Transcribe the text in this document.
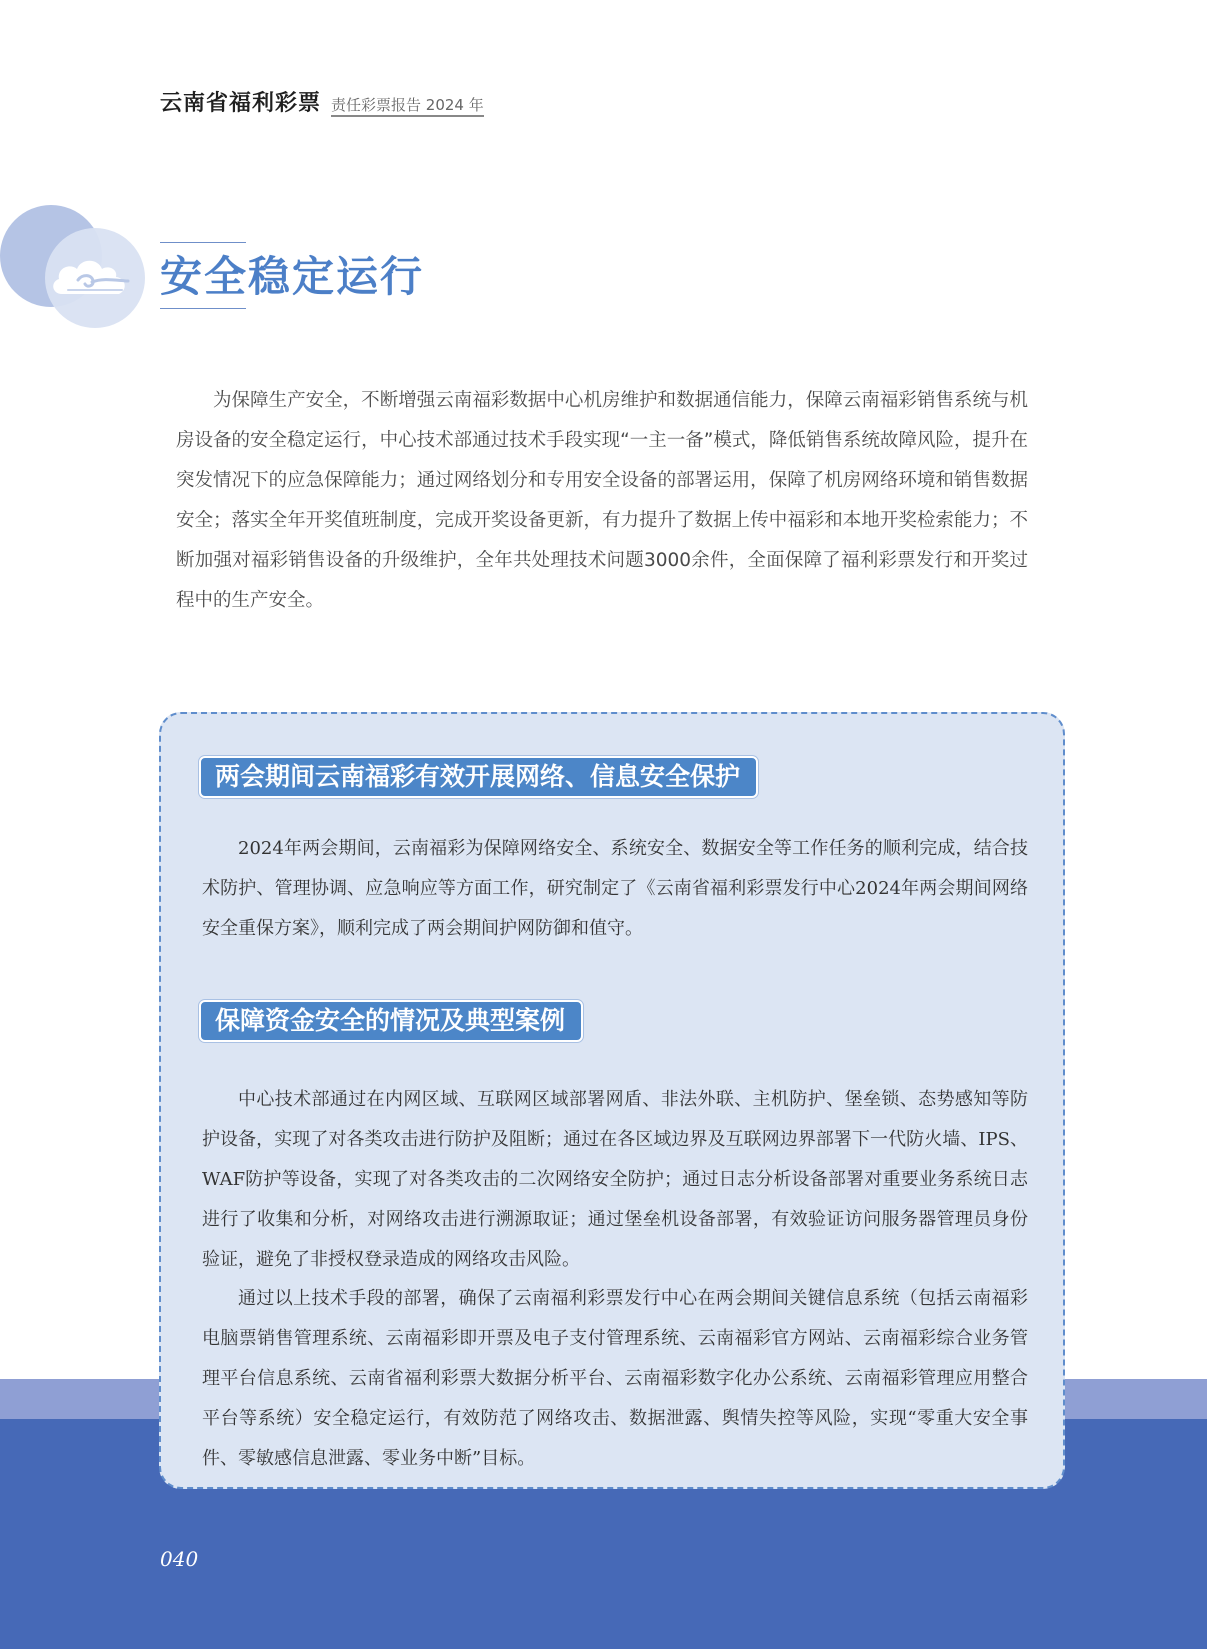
云南省福利彩票 责任彩票报告 2024 年
安全稳定运行

为保障生产安全，不断增强云南福彩数据中心机房维护和数据通信能力，保障云南福彩销售系统与机房设备的安全稳定运行，中心技术部通过技术手段实现“一主一备”模式，降低销售系统故障风险，提升在突发情况下的应急保障能力；通过网络划分和专用安全设备的部署运用，保障了机房网络环境和销售数据安全；落实全年开奖值班制度，完成开奖设备更新，有力提升了数据上传中福彩和本地开奖检索能力；不断加强对福彩销售设备的升级维护，全年共处理技术问题3000余件，全面保障了福利彩票发行和开奖过程中的生产安全。

两会期间云南福彩有效开展网络、信息安全保护

2024年两会期间，云南福彩为保障网络安全、系统安全、数据安全等工作任务的顺利完成，结合技术防护、管理协调、应急响应等方面工作，研究制定了《云南省福利彩票发行中心2024年两会期间网络安全重保方案》，顺利完成了两会期间护网防御和值守。

保障资金安全的情况及典型案例

中心技术部通过在内网区域、互联网区域部署网盾、非法外联、主机防护、堡垒锁、态势感知等防护设备，实现了对各类攻击进行防护及阻断；通过在各区域边界及互联网边界部署下一代防火墙、IPS、WAF防护等设备，实现了对各类攻击的二次网络安全防护；通过日志分析设备部署对重要业务系统日志进行了收集和分析，对网络攻击进行溯源取证；通过堡垒机设备部署，有效验证访问服务器管理员身份验证，避免了非授权登录造成的网络攻击风险。

通过以上技术手段的部署，确保了云南福利彩票发行中心在两会期间关键信息系统（包括云南福彩电脑票销售管理系统、云南福彩即开票及电子支付管理系统、云南福彩官方网站、云南福彩综合业务管理平台信息系统、云南省福利彩票大数据分析平台、云南福彩数字化办公系统、云南福彩管理应用整合平台等系统）安全稳定运行，有效防范了网络攻击、数据泄露、舆情失控等风险，实现“零重大安全事件、零敏感信息泄露、零业务中断”目标。

040
